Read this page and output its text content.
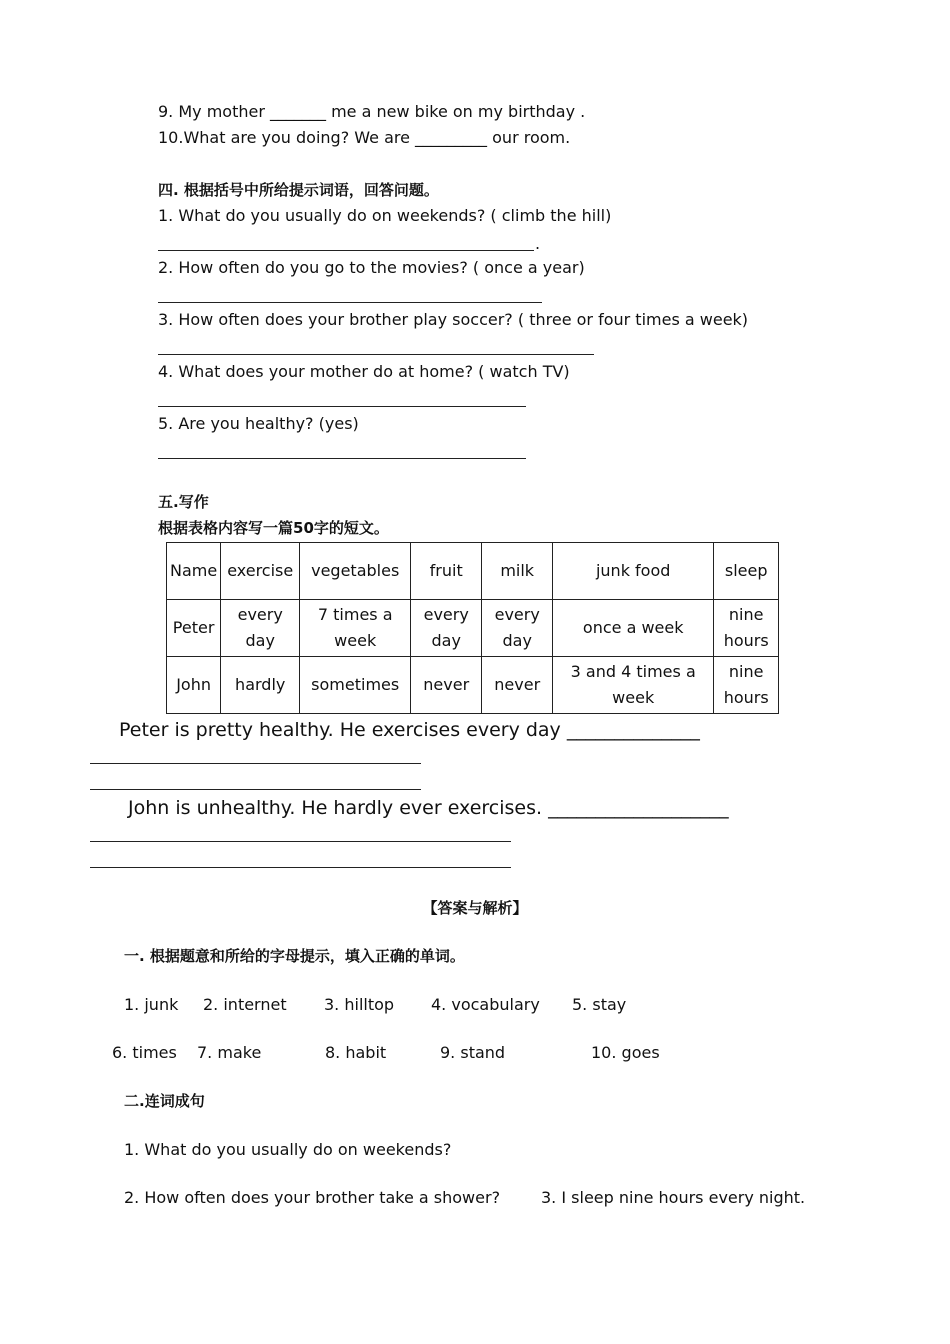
9. My mother _______ me a new bike on my birthday .
10.What are you doing? We are _________ our room.
四. 根据括号中所给提示词语，回答问题。
1. What do you usually do on weekends? ( climb the hill)
.
2. How often do you go to the movies? ( once a year)
3. How often does your brother play soccer? ( three or four times a week)
4. What does your mother do at home? ( watch TV)
5. Are you healthy? (yes)
五.写作
根据表格内容写一篇50字的短文。
Name	exercise	vegetables	fruit	milk	junk food	sleep
Peter	every day	7 times a week	every day	every day	once a week	nine hours
John	hardly	sometimes	never	never	3 and 4 times a week	nine hours
Peter is pretty healthy. He exercises every day ______________
John is unhealthy. He hardly ever exercises. ___________________
【答案与解析】
一. 根据题意和所给的字母提示，填入正确的单词。
1. junk 2. internet 3. hilltop 4. vocabulary 5. stay
6. times 7. make	8. habit	9. stand	10. goes
二.连词成句
1. What do you usually do on weekends?
2. How often does your brother take a shower?	3. I sleep nine hours every night.
